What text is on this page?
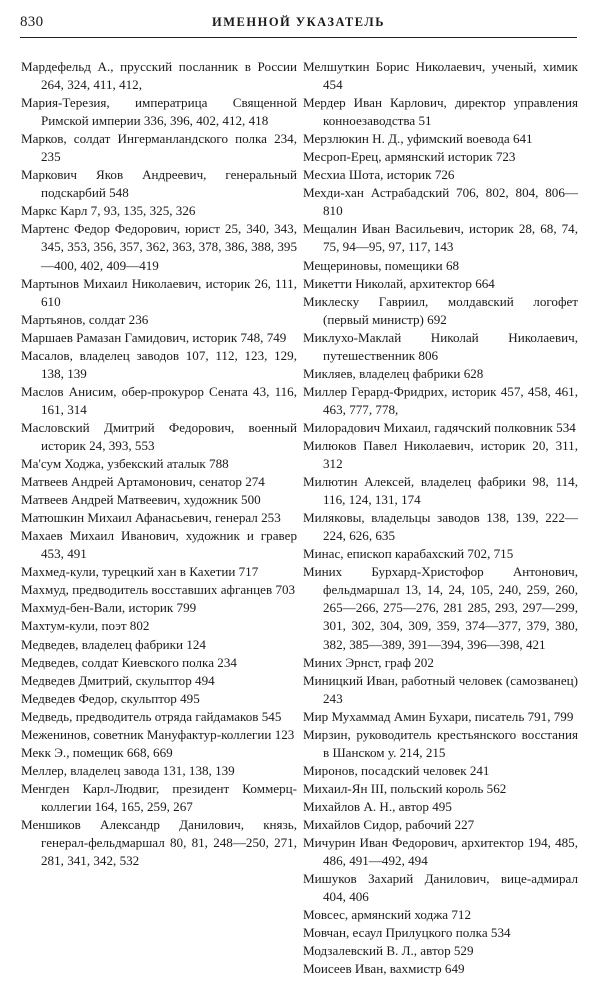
830	ИМЕННОЙ УКАЗАТЕЛЬ
Мардефельд А., прусский посланник в России 264, 324, 411, 412,
Мария-Терезия, императрица Священной Римской империи 336, 396, 402, 412, 418
Марков, солдат Ингерманландского полка 234, 235
Маркович Яков Андреевич, генеральный подскарбий 548
Маркс Карл 7, 93, 135, 325, 326
Мартенс Федор Федорович, юрист 25, 340, 343, 345, 353, 356, 357, 362, 363, 378, 386, 388, 395—400, 402, 409—419
Мартынов Михаил Николаевич, историк 26, 111, 610
Мартьянов, солдат 236
Маршаев Рамазан Гамидович, историк 748, 749
Масалов, владелец заводов 107, 112, 123, 129, 138, 139
Маслов Анисим, обер-прокурор Сената 43, 116, 161, 314
Масловский Дмитрий Федорович, военный историк 24, 393, 553
Ма'сум Ходжа, узбекский аталык 788
Матвеев Андрей Артамонович, сенатор 274
Матвеев Андрей Матвеевич, художник 500
Матюшкин Михаил Афанасьевич, генерал 253
Махаев Михаил Иванович, художник и гравер 453, 491
Махмед-кули, турецкий хан в Кахетии 717
Махмуд, предводитель восставших афганцев 703
Махмуд-бен-Вали, историк 799
Махтум-кули, поэт 802
Медведев, владелец фабрики 124
Медведев, солдат Киевского полка 234
Медведев Дмитрий, скульптор 494
Медведев Федор, скульптор 495
Медведь, предводитель отряда гайдамаков 545
Меженинов, советник Мануфактур-коллегии 123
Мекк Э., помещик 668, 669
Меллер, владелец завода 131, 138, 139
Менгден Карл-Людвиг, президент Коммерц-коллегии 164, 165, 259, 267
Меншиков Александр Данилович, князь, генерал-фельдмаршал 80, 81, 248—250, 271, 281, 341, 342, 532
Мелшуткин Борис Николаевич, ученый, химик 454
Мердер Иван Карлович, директор управления конноезаводства 51
Мерзлюкин Н. Д., уфимский воевода 641
Месроп-Ерец, армянский историк 723
Месхиа Шота, историк 726
Мехди-хан Астрабадский 706, 802, 804, 806—810
Мещалин Иван Васильевич, историк 28, 68, 74, 75, 94—95, 97, 117, 143
Мещериновы, помещики 68
Микетти Николай, архитектор 664
Миклеску Гавриил, молдавский логофет (первый министр) 692
Миклухо-Маклай Николай Николаевич, путешественник 806
Микляев, владелец фабрики 628
Миллер Герард-Фридрих, историк 457, 458, 461, 463, 777, 778,
Милорадович Михаил, гадячский полковник 534
Милюков Павел Николаевич, историк 20, 311, 312
Милютин Алексей, владелец фабрики 98, 114, 116, 124, 131, 174
Миляковы, владельцы заводов 138, 139, 222—224, 626, 635
Минас, епископ карабахский 702, 715
Миних Бурхард-Христофор Антонович, фельдмаршал 13, 14, 24, 105, 240, 259, 260, 265—266, 275—276, 281 285, 293, 297—299, 301, 302, 304, 309, 359, 374—377, 379, 380, 382, 385—389, 391—394, 396—398, 421
Миних Эрнст, граф 202
Миницкий Иван, работный человек (самозванец) 243
Мир Мухаммад Амин Бухари, писатель 791, 799
Мирзин, руководитель крестьянского восстания в Шанском у. 214, 215
Миронов, посадский человек 241
Михаил-Ян III, польский король 562
Михайлов А. Н., автор 495
Михайлов Сидор, рабочий 227
Мичурин Иван Федорович, архитектор 194, 485, 486, 491—492, 494
Мишуков Захарий Данилович, вице-адмирал 404, 406
Мовсес, армянский ходжа 712
Мовчан, есаул Прилуцкого полка 534
Модзалевский В. Л., автор 529
Моисеев Иван, вахмистр 649
